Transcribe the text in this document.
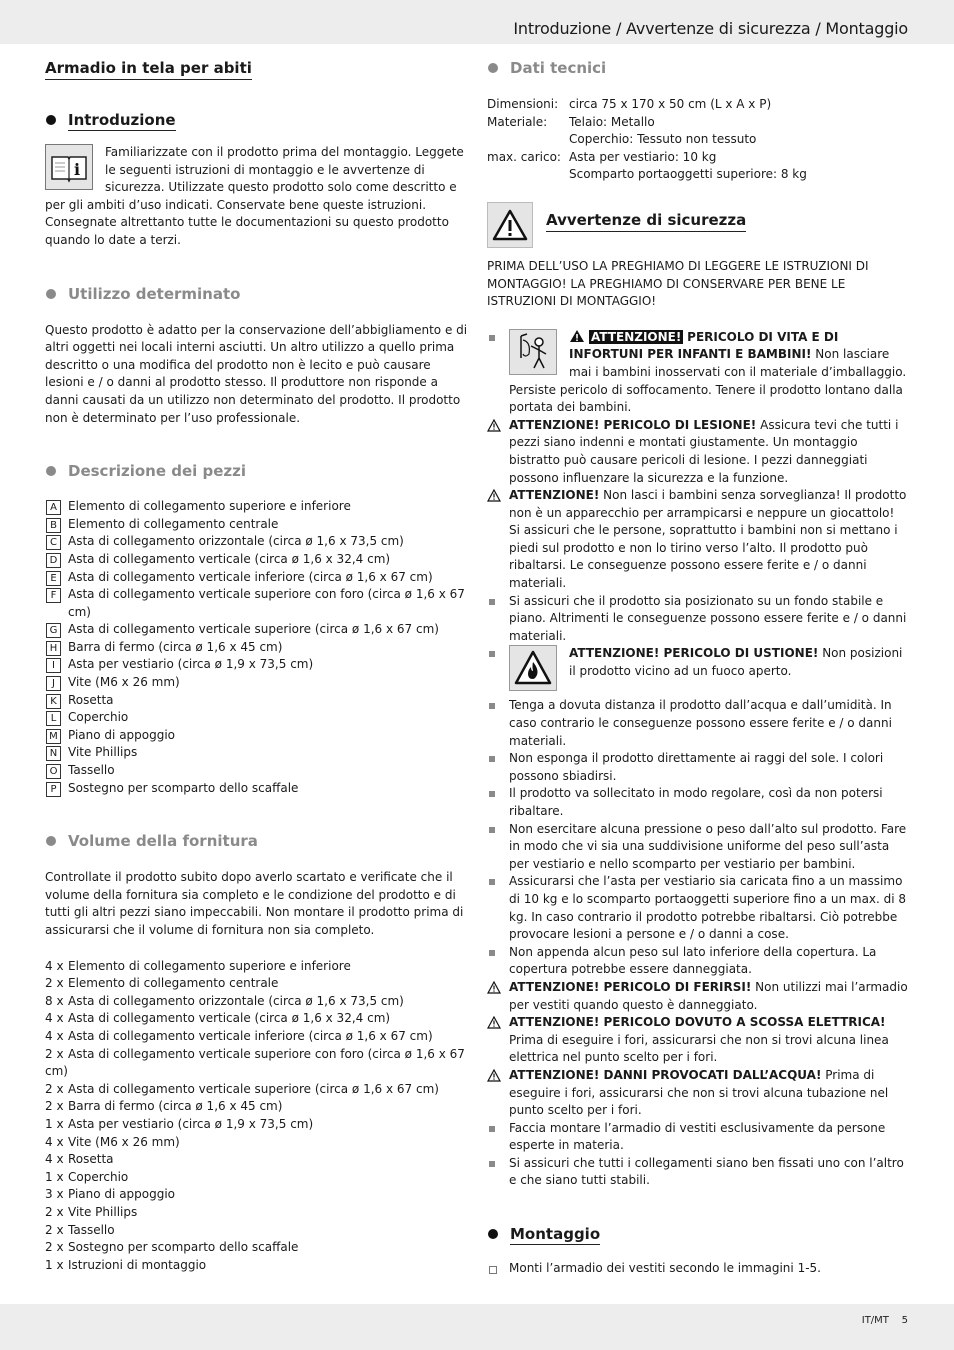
Introduzione / Avvertenze di sicurezza / Montaggio
Armadio in tela per abiti
Introduzione
i

Familiarizzate con il prodotto prima del montaggio. Leggete le seguenti istruzioni di montaggio e le avvertenze di sicurezza. Utilizzate questo prodotto solo come descritto e per gli ambiti d’uso indicati. Conservate bene queste istruzioni. Consegnate altrettanto tutte le documentazioni su questo prodotto quando lo date a terzi.

Utilizzo determinato

Questo prodotto è adatto per la conservazione dell’abbigliamento e di altri oggetti nei locali interni asciutti. Un altro utilizzo a quello prima descritto o una modifica del prodotto non è lecito e può causare lesioni e / o danni al prodotto stesso. Il produttore non risponde a danni causati da un utilizzo non determinato del prodotto. Il prodotto non è determinato per l’uso professionale.

Descrizione dei pezzi
A Elemento di collegamento superiore e inferiore
B Elemento di collegamento centrale
C Asta di collegamento orizzontale (circa ø 1,6 x 73,5 cm)
D Asta di collegamento verticale (circa ø 1,6 x 32,4 cm)
E Asta di collegamento verticale inferiore (circa ø 1,6 x 67 cm)
F Asta di collegamento verticale superiore con foro (circa ø 1,6 x 67 cm)
G Asta di collegamento verticale superiore (circa ø 1,6 x 67 cm)
H Barra di fermo (circa ø 1,6 x 45 cm)
I	Asta per vestiario (circa ø 1,9 x 73,5 cm)
J	Vite (M6 x 26 mm)
K Rosetta
L Coperchio
M Piano di appoggio
N Vite Phillips
O Tassello
P Sostegno per scomparto dello scaffale
Volume della fornitura

Controllate il prodotto subito dopo averlo scartato e verificate che il volume della fornitura sia completo e le condizione del prodotto e di tutti gli altri pezzi siano impeccabili. Non montare il prodotto prima di assicurarsi che il volume di fornitura non sia completo.

4 x Elemento di collegamento superiore e inferiore
2 x Elemento di collegamento centrale
8 x Asta di collegamento orizzontale (circa ø 1,6 x 73,5 cm)
4 x Asta di collegamento verticale (circa ø 1,6 x 32,4 cm)
4 x Asta di collegamento verticale inferiore (circa ø 1,6 x 67 cm)
2 x Asta di collegamento verticale superiore con foro (circa ø 1,6 x 67 cm)
2 x Asta di collegamento verticale superiore (circa ø 1,6 x 67 cm)
2 x Barra di fermo (circa ø 1,6 x 45 cm)
1 x Asta per vestiario (circa ø 1,9 x 73,5 cm)
4 x Vite (M6 x 26 mm)
4 x Rosetta
1 x Coperchio
3 x Piano di appoggio
2 x Vite Phillips
2 x Tassello
2 x Sostegno per scomparto dello scaffale
1 x Istruzioni di montaggio
Dati tecnici
Dimensioni: circa 75 x 170 x 50 cm (L x A x P)
Materiale:	Telaio: Metallo
Coperchio: Tessuto non tessuto
max. carico: Asta per vestiario: 10 kg
Scomparto portaoggetti superiore: 8 kg
Avvertenze di sicurezza

PRIMA DELL’USO LA PREGHIAMO DI LEGGERE LE ISTRUZIONI DI MONTAGGIO! LA PREGHIAMO DI CONSERVARE PER BENE LE ISTRUZIONI DI MONTAGGIO!

ATTENZIONE! PERICOLO DI VITA E DI INFORTUNI PER INFANTI E BAMBINI! Non lasciare mai i bambini inosservati con il materiale d’imballaggio. Persiste pericolo di soffocamento. Tenere il prodotto lontano dalla portata dei bambini.
ATTENZIONE! PERICOLO DI LESIONE! Assicura tevi che tutti i pezzi siano indenni e montati giustamente. Un montaggio bistratto può causare pericoli di lesione. I pezzi danneggiati possono influenzare la sicurezza e la funzione.
ATTENZIONE! Non lasci i bambini senza sorveglianza! Il prodotto non è un apparecchio per arrampicarsi e neppure un giocattolo! Si assicuri che le persone, soprattutto i bambini non si mettano i piedi sul prodotto e non lo tirino verso l’alto. Il prodotto può ribaltarsi. Le conseguenze possono essere ferite e / o danni materiali.
Si assicuri che il prodotto sia posizionato su un fondo stabile e piano. Altrimenti le conseguenze possono essere ferite e / o danni materiali.
ATTENZIONE! PERICOLO DI USTIONE! Non posizioni il prodotto vicino ad un fuoco aperto.
Tenga a dovuta distanza il prodotto dall’acqua e dall’umidità. In caso contrario le conseguenze possono essere ferite e / o danni materiali.
Non esponga il prodotto direttamente ai raggi del sole. I colori possono sbiadirsi.
Il prodotto va sollecitato in modo regolare, così da non potersi ribaltare.
Non esercitare alcuna pressione o peso dall’alto sul prodotto. Fare in modo che vi sia una suddivisione uniforme del peso sull’asta per vestiario e nello scomparto per vestiario per bambini.
Assicurarsi che l’asta per vestiario sia caricata fino a un massimo di 10 kg e lo scomparto portaoggetti superiore fino a un max. di 8 kg. In caso contrario il prodotto potrebbe ribaltarsi. Ciò potrebbe provocare lesioni a persone e / o danni a cose.
Non appenda alcun peso sul lato inferiore della copertura. La copertura potrebbe essere danneggiata.
ATTENZIONE! PERICOLO DI FERIRSI! Non utilizzi mai l’armadio per vestiti quando questo è danneggiato.
ATTENZIONE! PERICOLO DOVUTO A SCOSSA ELETTRICA! Prima di eseguire i fori, assicurarsi che non si trovi alcuna linea elettrica nel punto scelto per i fori.
ATTENZIONE! DANNI PROVOCATI DALL’ACQUA! Prima di eseguire i fori, assicurarsi che non si trovi alcuna tubazione nel punto scelto per i fori.
Faccia montare l’armadio di vestiti esclusivamente da persone esperte in materia.
Si assicuri che tutti i collegamenti siano ben fissati uno con l’altro e che siano tutti stabili.
Montaggio
Monti l’armadio dei vestiti secondo le immagini 1-5.
IT/MT    5
